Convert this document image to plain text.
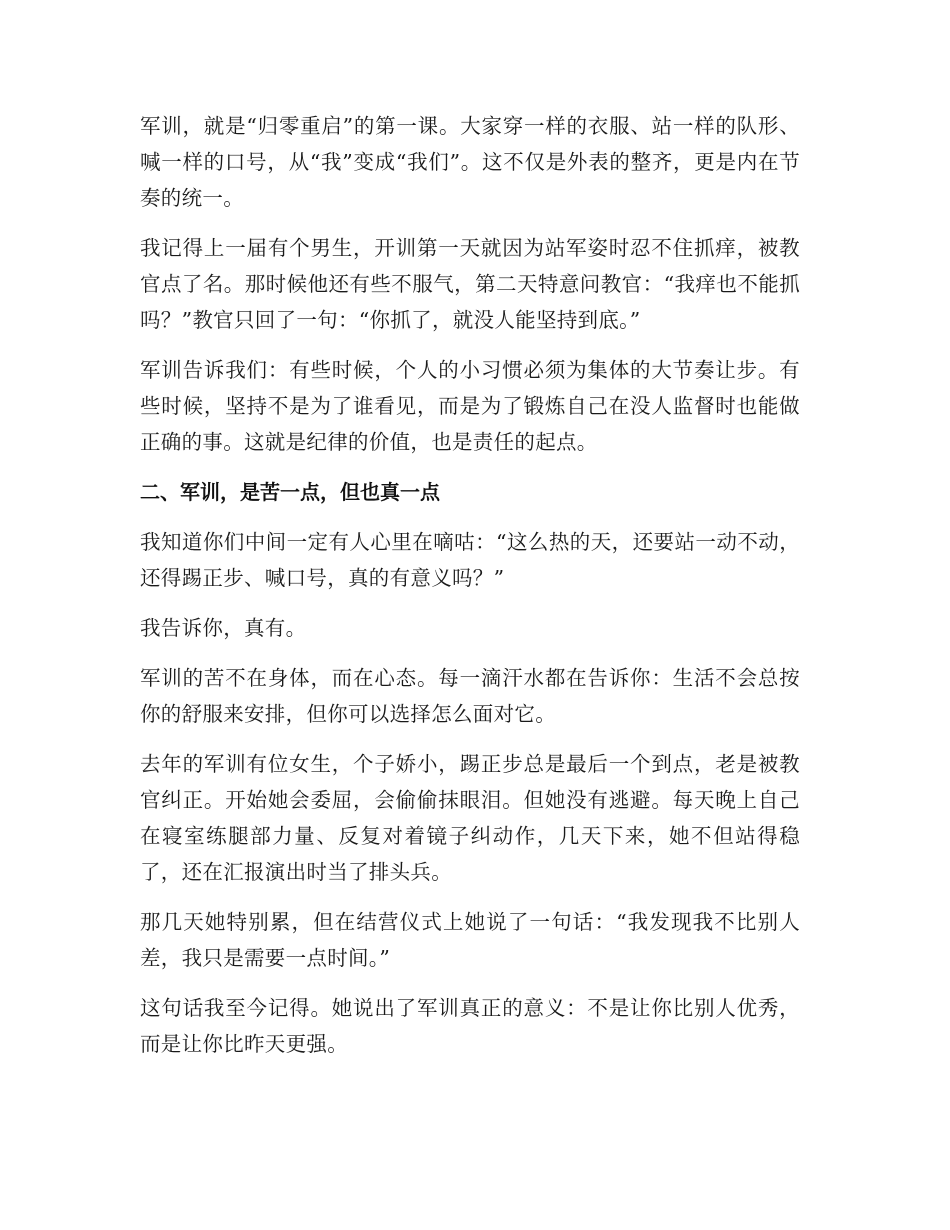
军训，就是“归零重启”的第一课。大家穿一样的衣服、站一样的队形、喊一样的口号，从“我”变成“我们”。这不仅是外表的整齐，更是内在节奏的统一。

我记得上一届有个男生，开训第一天就因为站军姿时忍不住抓痒，被教官点了名。那时候他还有些不服气，第二天特意问教官：“我痒也不能抓吗？”教官只回了一句：“你抓了，就没人能坚持到底。”

军训告诉我们：有些时候，个人的小习惯必须为集体的大节奏让步。有些时候，坚持不是为了谁看见，而是为了锻炼自己在没人监督时也能做正确的事。这就是纪律的价值，也是责任的起点。

二、军训，是苦一点，但也真一点

我知道你们中间一定有人心里在嘀咕：“这么热的天，还要站一动不动，还得踢正步、喊口号，真的有意义吗？”

我告诉你，真有。

军训的苦不在身体，而在心态。每一滴汗水都在告诉你：生活不会总按你的舒服来安排，但你可以选择怎么面对它。

去年的军训有位女生，个子娇小，踢正步总是最后一个到点，老是被教官纠正。开始她会委屈，会偷偷抹眼泪。但她没有逃避。每天晚上自己在寝室练腿部力量、反复对着镜子纠动作，几天下来，她不但站得稳了，还在汇报演出时当了排头兵。

那几天她特别累，但在结营仪式上她说了一句话：“我发现我不比别人差，我只是需要一点时间。”

这句话我至今记得。她说出了军训真正的意义：不是让你比别人优秀，而是让你比昨天更强。
